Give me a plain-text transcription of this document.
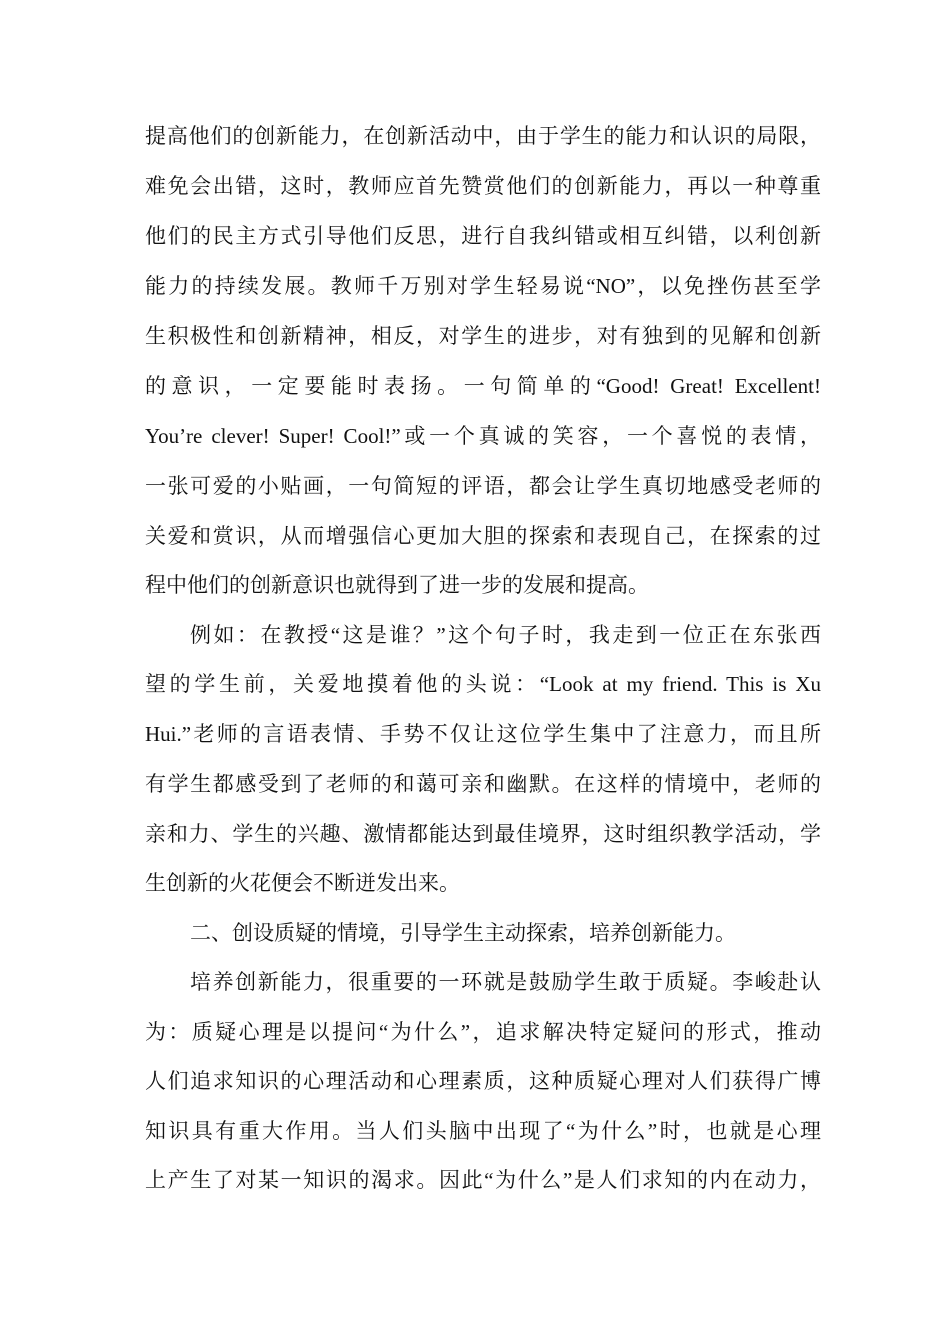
提高他们的创新能力，在创新活动中，由于学生的能力和认识的局限，
难免会出错，这时，教师应首先赞赏他们的创新能力，再以一种尊重
他们的民主方式引导他们反思，进行自我纠错或相互纠错，以利创新
能力的持续发展。教师千万别对学生轻易说“NO”，以免挫伤甚至学
生积极性和创新精神，相反，对学生的进步，对有独到的见解和创新
的意识，一定要能时表扬。一句简单的“Good! Great! Excellent!
You’re clever! Super! Cool!”或一个真诚的笑容，一个喜悦的表情，
一张可爱的小贴画，一句简短的评语，都会让学生真切地感受老师的
关爱和赏识，从而增强信心更加大胆的探索和表现自己，在探索的过
程中他们的创新意识也就得到了进一步的发展和提高。
例如：在教授“这是谁？”这个句子时，我走到一位正在东张西
望的学生前，关爱地摸着他的头说：“Look at my friend. This is Xu
Hui.”老师的言语表情、手势不仅让这位学生集中了注意力，而且所
有学生都感受到了老师的和蔼可亲和幽默。在这样的情境中，老师的
亲和力、学生的兴趣、激情都能达到最佳境界，这时组织教学活动，学
生创新的火花便会不断迸发出来。
二、创设质疑的情境，引导学生主动探索，培养创新能力。
培养创新能力，很重要的一环就是鼓励学生敢于质疑。李峻赴认
为：质疑心理是以提问“为什么”，追求解决特定疑问的形式，推动
人们追求知识的心理活动和心理素质，这种质疑心理对人们获得广博
知识具有重大作用。当人们头脑中出现了“为什么”时，也就是心理
上产生了对某一知识的渴求。因此“为什么”是人们求知的内在动力，
